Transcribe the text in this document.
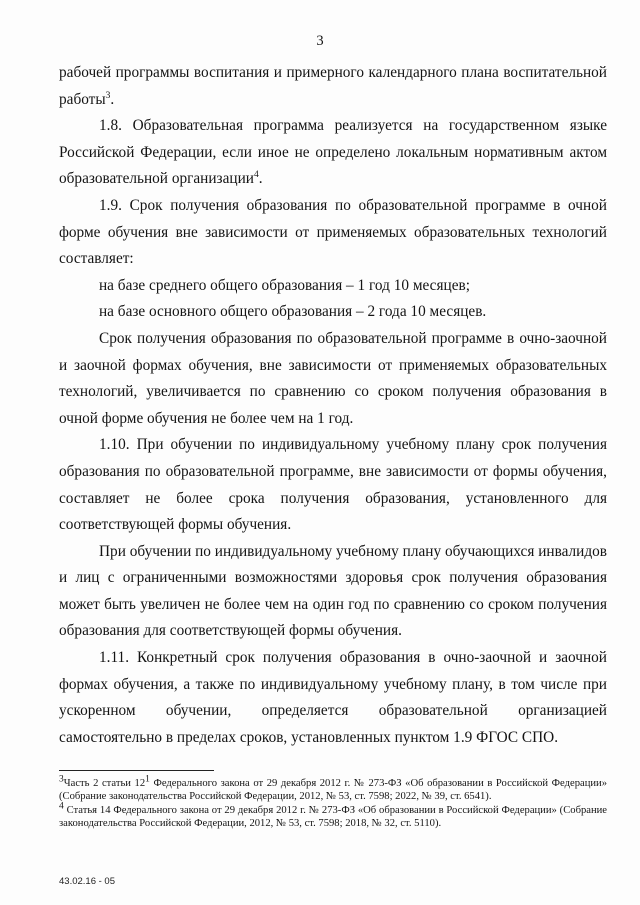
3

рабочей программы воспитания и примерного календарного плана воспитательной работы$^3$.

1.8. Образовательная программа реализуется на государственном языке Российской Федерации, если иное не определено локальным нормативным актом образовательной организации$^4$.

1.9. Срок получения образования по образовательной программе в очной форме обучения вне зависимости от применяемых образовательных технологий составляет:

на базе среднего общего образования – 1 год 10 месяцев;

на базе основного общего образования – 2 года 10 месяцев.

Срок получения образования по образовательной программе в очно-заочной и заочной формах обучения, вне зависимости от применяемых образовательных технологий, увеличивается по сравнению со сроком получения образования в очной форме обучения не более чем на 1 год.

1.10. При обучении по индивидуальному учебному плану срок получения образования по образовательной программе, вне зависимости от формы обучения, составляет не более срока получения образования, установленного для соответствующей формы обучения.

При обучении по индивидуальному учебному плану обучающихся инвалидов и лиц с ограниченными возможностями здоровья срок получения образования может быть увеличен не более чем на один год по сравнению со сроком получения образования для соответствующей формы обучения.

1.11. Конкретный срок получения образования в очно-заочной и заочной формах обучения, а также по индивидуальному учебному плану, в том числе при ускоренном обучении, определяется образовательной организацией самостоятельно в пределах сроков, установленных пунктом 1.9 ФГОС СПО.

$^3$Часть 2 статьи $12^1$ Федерального закона от 29 декабря 2012 г. № 273-ФЗ «Об образовании в Российской Федерации» (Собрание законодательства Российской Федерации, 2012, № 53, ст. 7598; 2022, № 39, ст. 6541).

$^4$ Статья 14 Федерального закона от 29 декабря 2012 г. № 273-ФЗ «Об образовании в Российской Федерации» (Собрание законодательства Российской Федерации, 2012, № 53, ст. 7598; 2018, № 32, ст. 5110).

43.02.16 - 05
